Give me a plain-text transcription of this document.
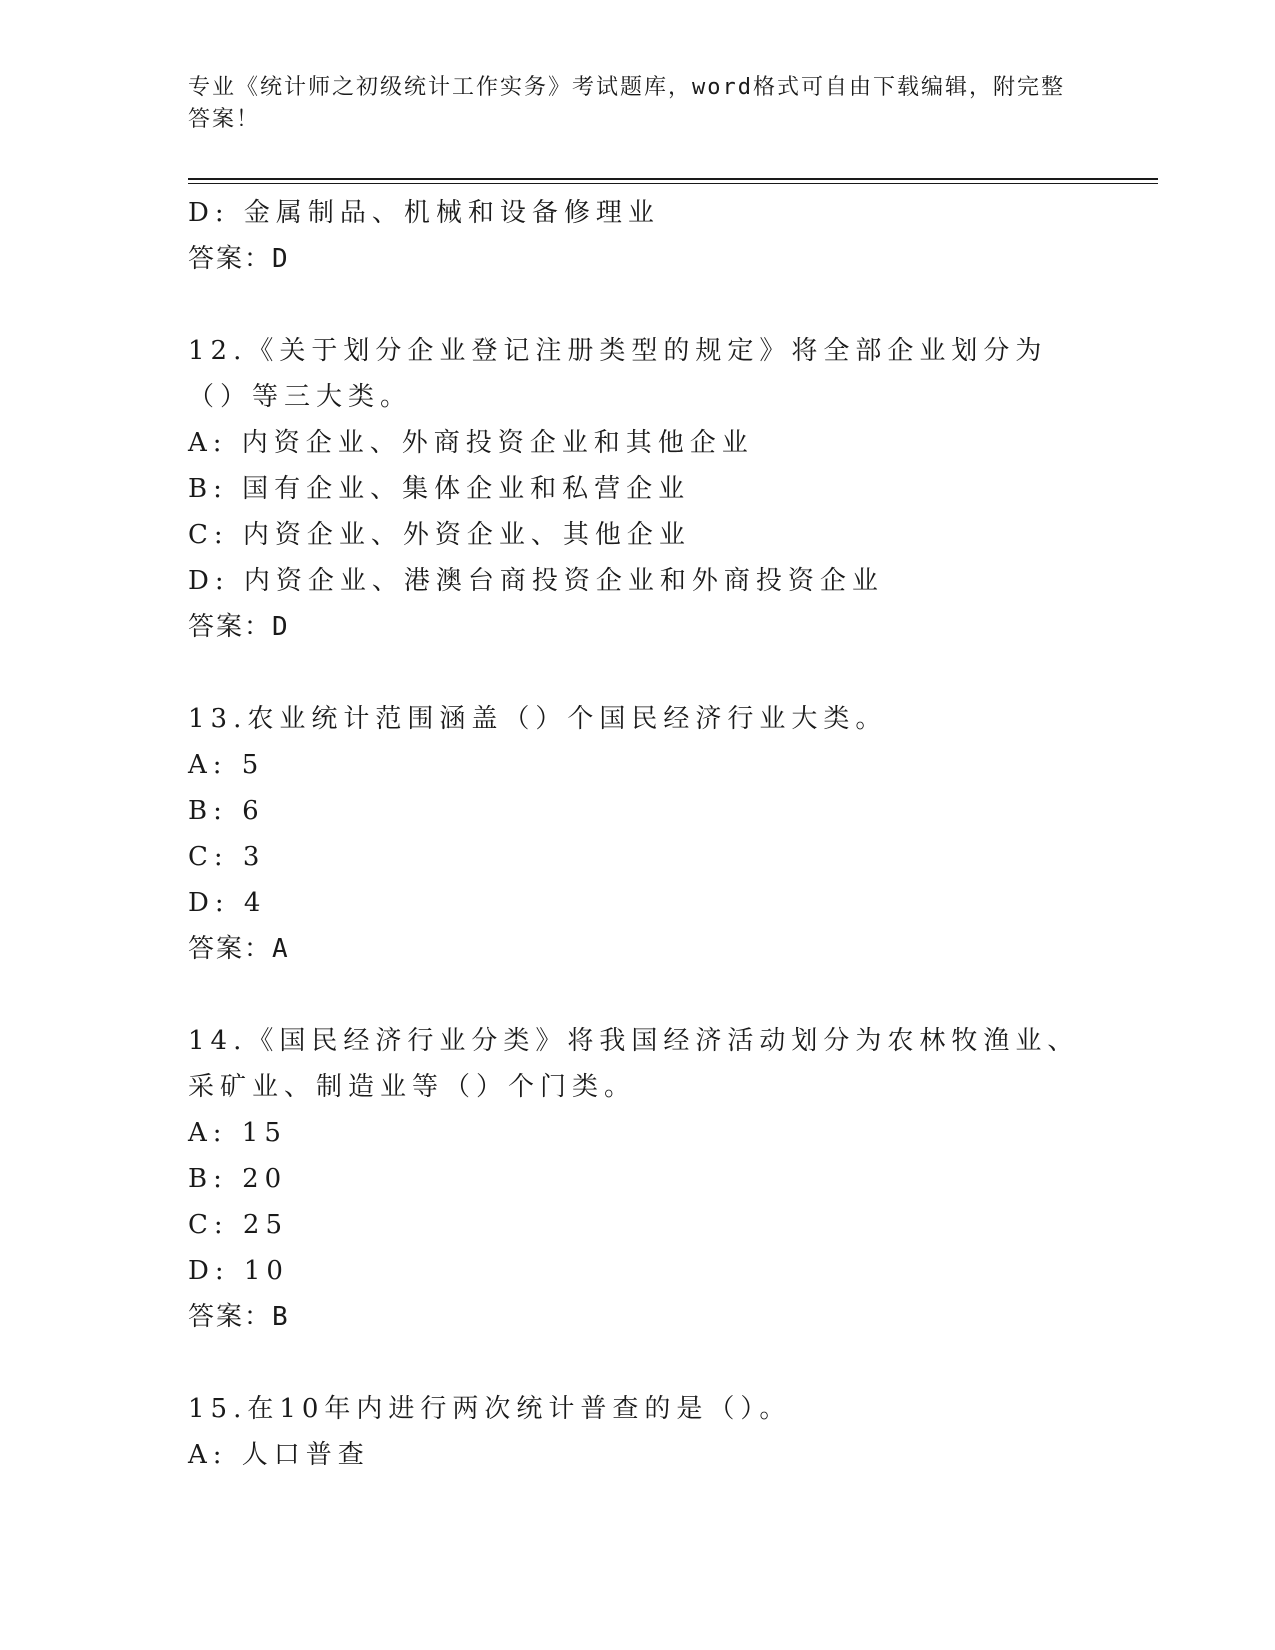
专业《统计师之初级统计工作实务》考试题库，word格式可自由下载编辑，附完整答案！

D: 金属制品、机械和设备修理业

答案：D

12.《关于划分企业登记注册类型的规定》将全部企业划分为（）等三大类。

A: 内资企业、外商投资企业和其他企业

B: 国有企业、集体企业和私营企业

C: 内资企业、外资企业、其他企业

D: 内资企业、港澳台商投资企业和外商投资企业

答案：D

13.农业统计范围涵盖（）个国民经济行业大类。

A: 5

B: 6

C: 3

D: 4

答案：A

14.《国民经济行业分类》将我国经济活动划分为农林牧渔业、采矿业、制造业等（）个门类。

A: 15

B: 20

C: 25

D: 10

答案：B

15.在10年内进行两次统计普查的是（）。

A: 人口普查
